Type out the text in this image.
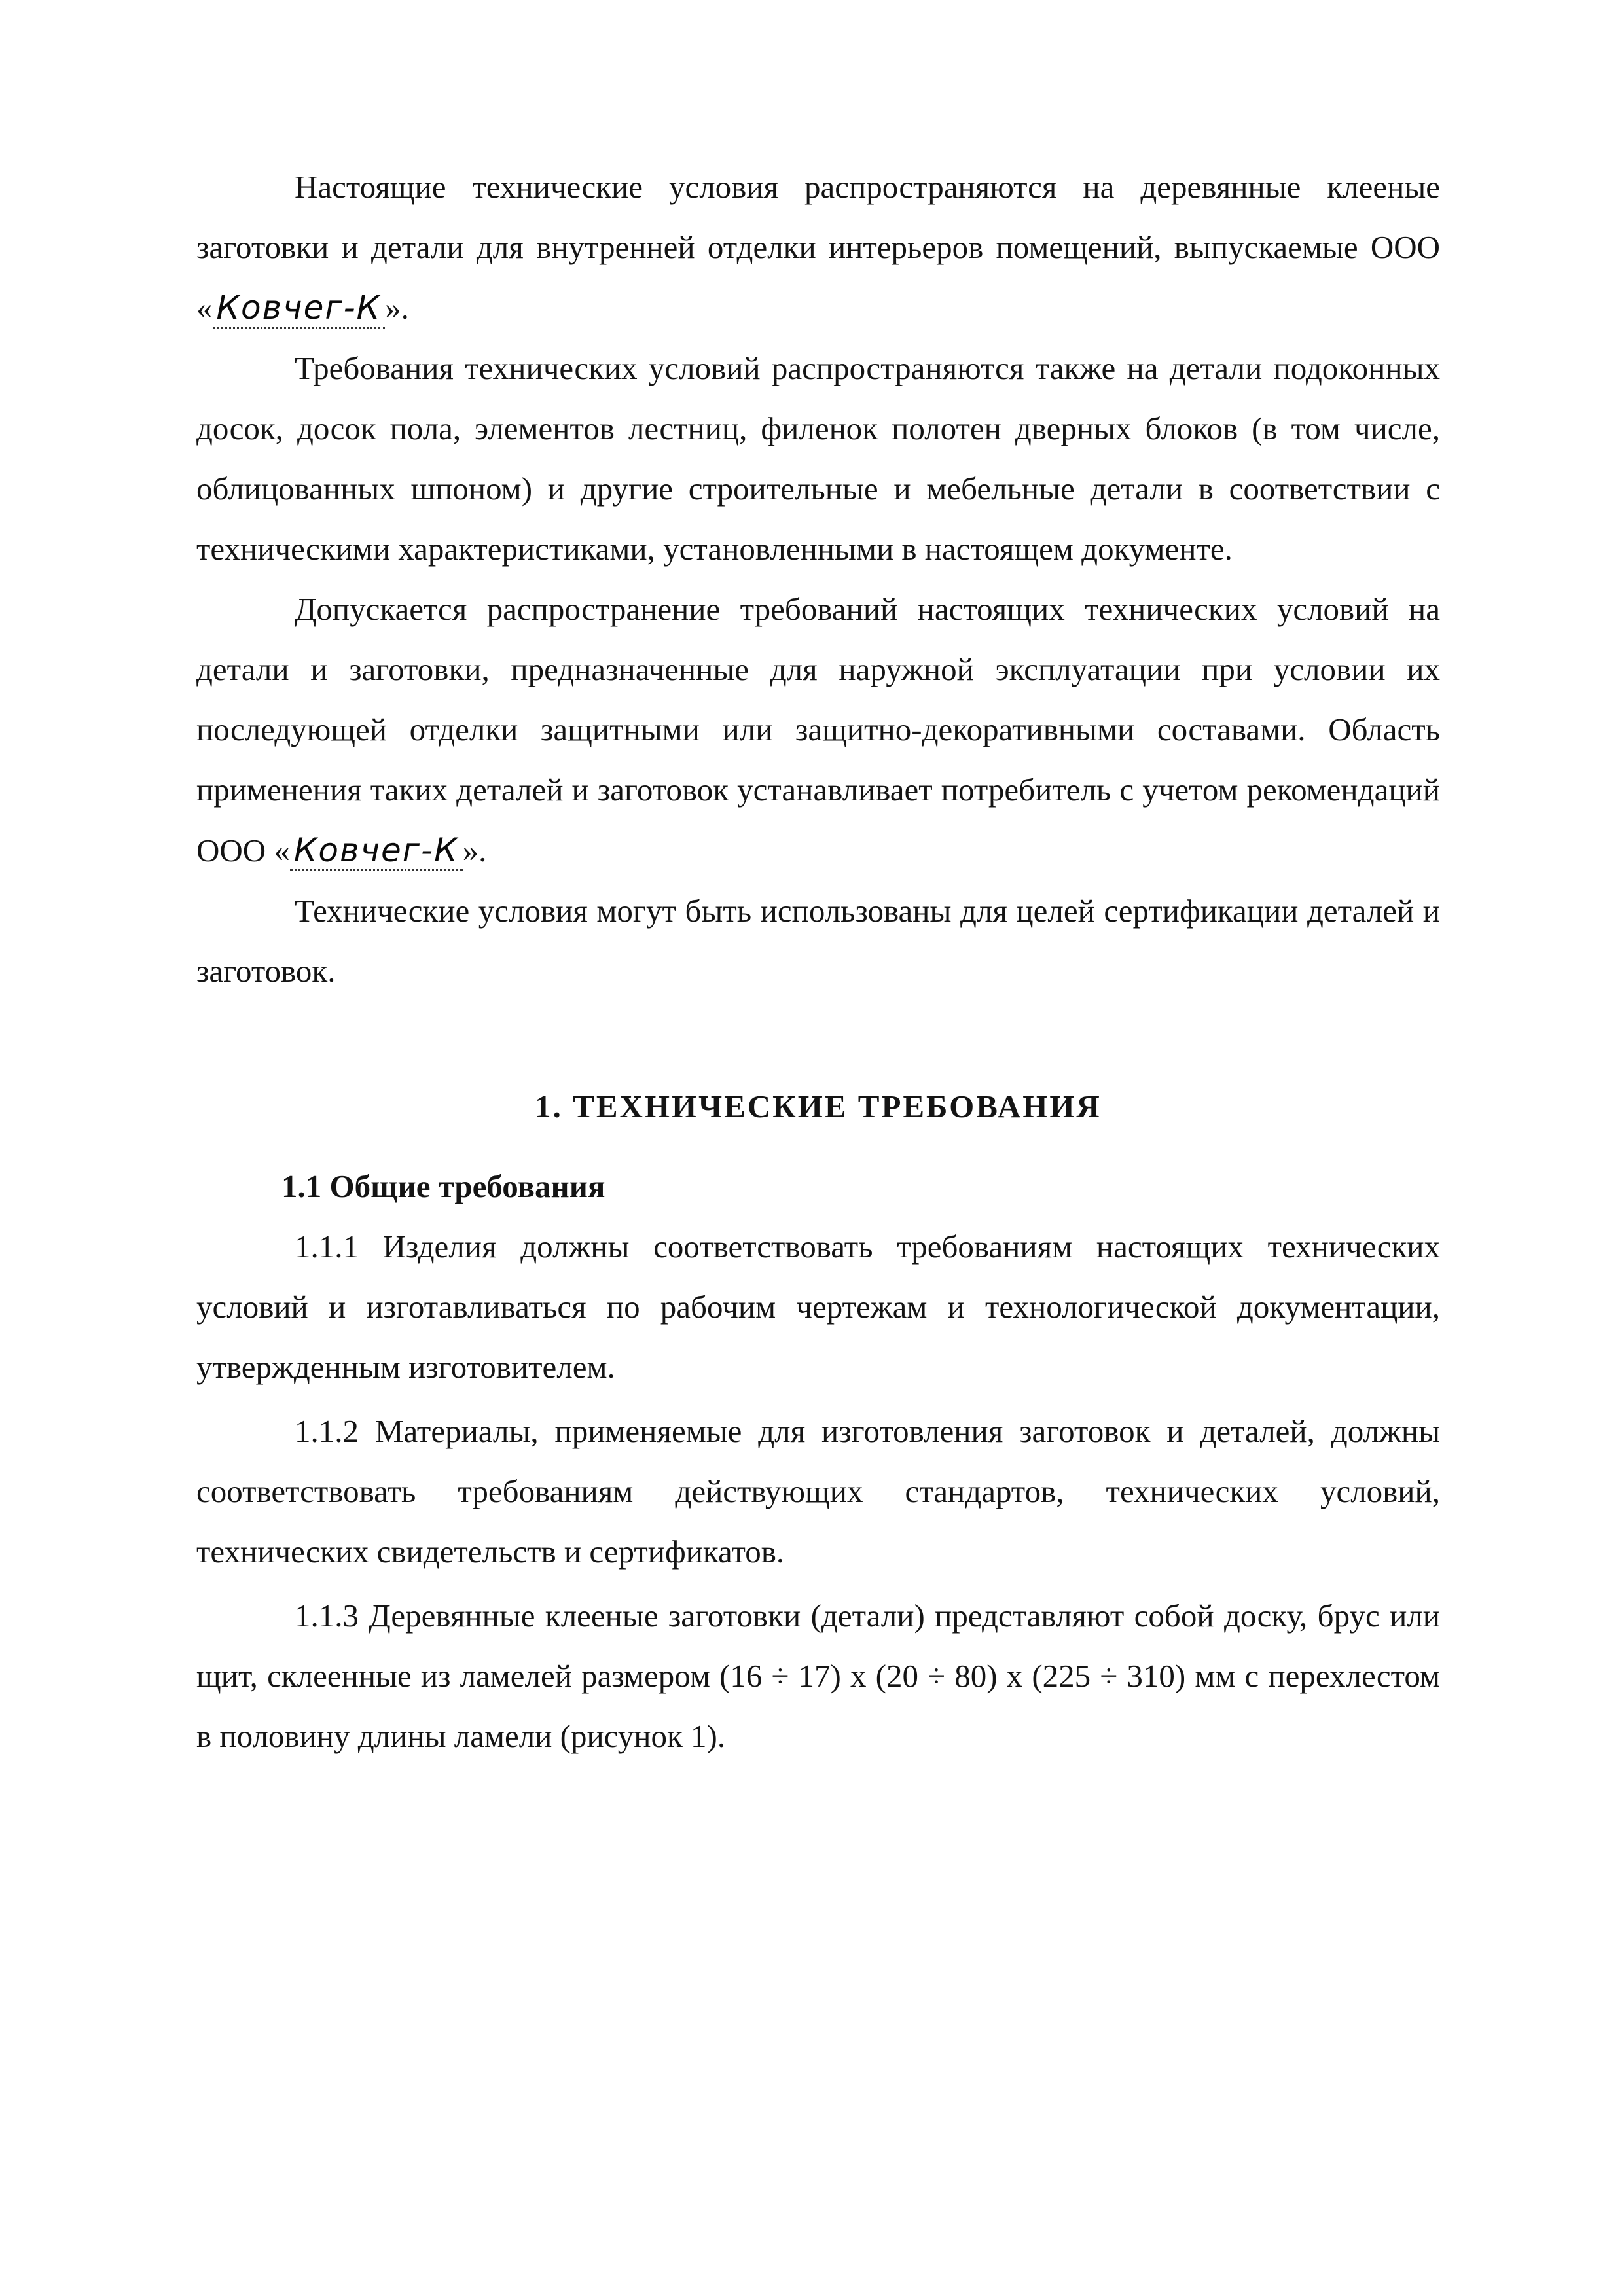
Настоящие технические условия распространяются на деревянные клееные заготовки и детали для внутренней отделки интерьеров помещений, выпускаемые ООО « Ковчег-К ».

Требования технических условий распространяются также на детали подоконных досок, досок пола, элементов лестниц, филенок полотен дверных блоков (в том числе, облицованных шпоном) и другие строительные и мебельные детали в соответствии с техническими характеристиками, установленными в настоящем документе.

Допускается распространение требований настоящих технических условий на детали и заготовки, предназначенные для наружной эксплуатации при условии их последующей отделки защитными или защитно-декоративными составами. Область применения таких деталей и заготовок устанавливает потребитель с учетом рекомендаций ООО « Ковчег-К ».

Технические условия могут быть использованы для целей сертификации деталей и заготовок.

1. ТЕХНИЧЕСКИЕ ТРЕБОВАНИЯ
1.1 Общие требования

1.1.1 Изделия должны соответствовать требованиям настоящих технических условий и изготавливаться по рабочим чертежам и технологической документации, утвержденным изготовителем.

1.1.2 Материалы, применяемые для изготовления заготовок и деталей, должны соответствовать требованиям действующих стандартов, технических условий, технических свидетельств и сертификатов.

1.1.3 Деревянные клееные заготовки (детали) представляют собой доску, брус или щит, склеенные из ламелей размером (16 ÷ 17) х (20 ÷ 80) х (225 ÷ 310) мм с перехлестом в половину длины ламели (рисунок 1).
